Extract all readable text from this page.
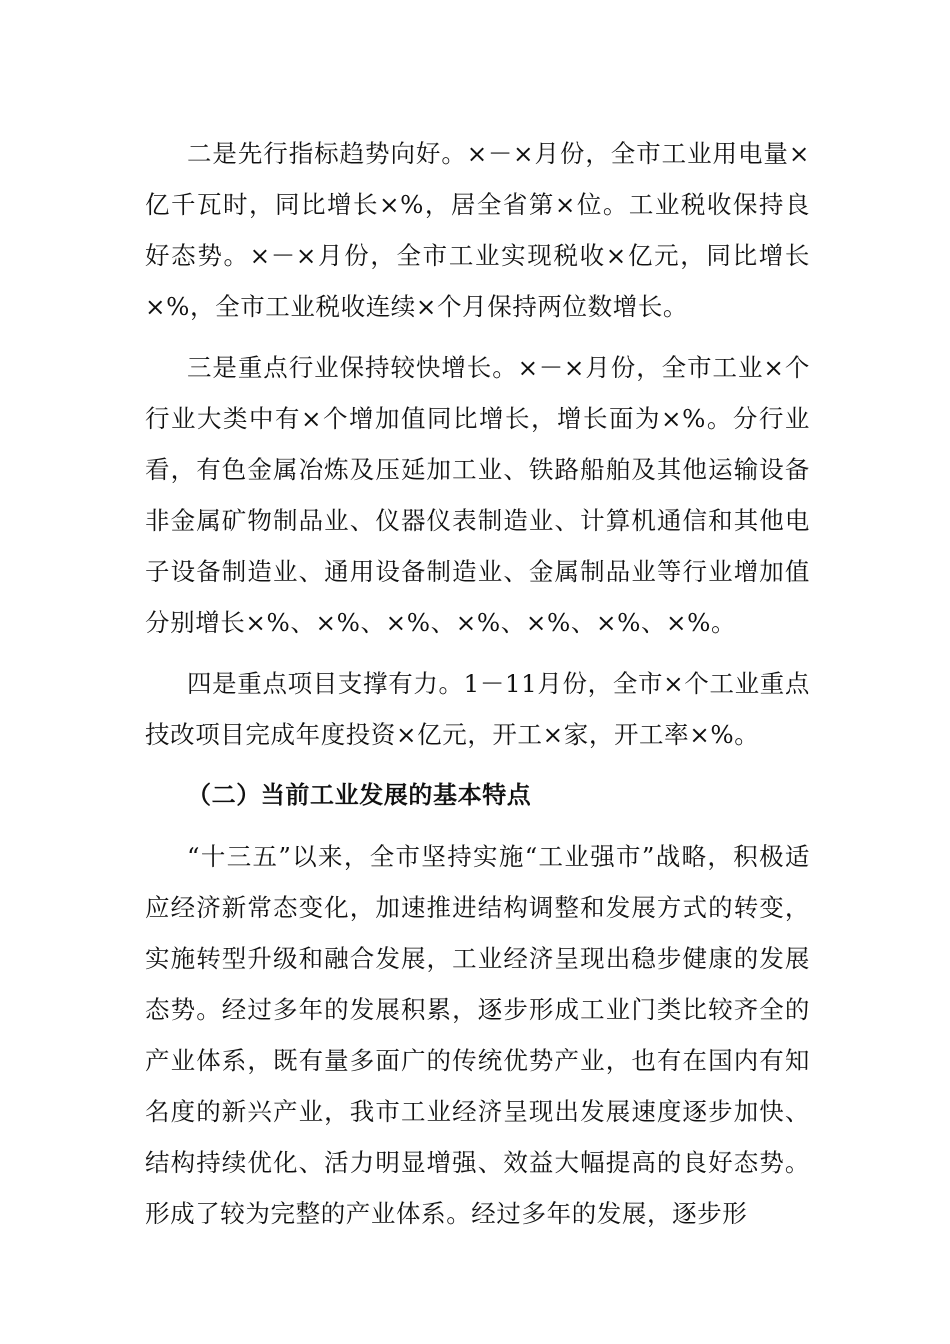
二是先行指标趋势向好。×－×月份，全市工业用电量×亿千瓦时，同比增长×%，居全省第×位。工业税收保持良好态势。×－×月份，全市工业实现税收×亿元，同比增长×%，全市工业税收连续×个月保持两位数增长。

三是重点行业保持较快增长。×－×月份，全市工业×个行业大类中有×个增加值同比增长，增长面为×%。分行业看，有色金属冶炼及压延加工业、铁路船舶及其他运输设备非金属矿物制品业、仪器仪表制造业、计算机通信和其他电子设备制造业、通用设备制造业、金属制品业等行业增加值分别增长×%、×%、×%、×%、×%、×%、×%。

四是重点项目支撑有力。1－11月份，全市×个工业重点技改项目完成年度投资×亿元，开工×家，开工率×%。

（二）当前工业发展的基本特点

“十三五”以来，全市坚持实施“工业强市”战略，积极适应经济新常态变化，加速推进结构调整和发展方式的转变，实施转型升级和融合发展，工业经济呈现出稳步健康的发展态势。经过多年的发展积累，逐步形成工业门类比较齐全的产业体系，既有量多面广的传统优势产业，也有在国内有知名度的新兴产业，我市工业经济呈现出发展速度逐步加快、结构持续优化、活力明显增强、效益大幅提高的良好态势。形成了较为完整的产业体系。经过多年的发展，逐步形
